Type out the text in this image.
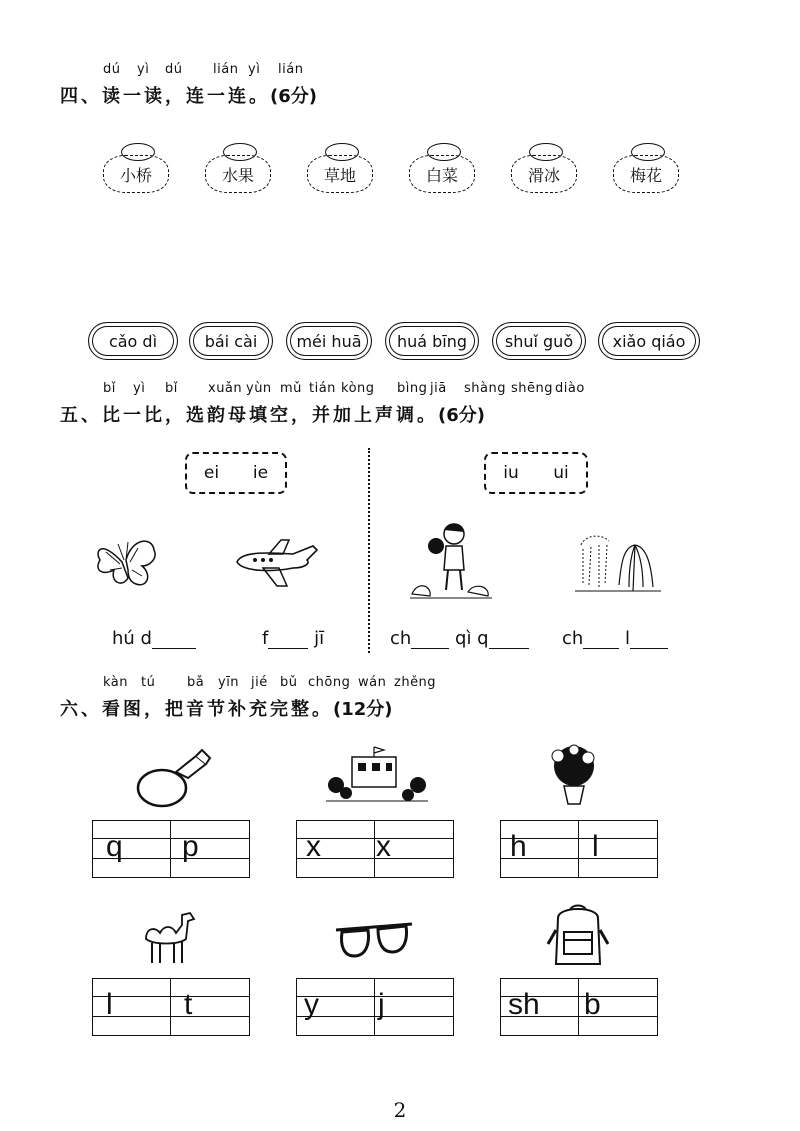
dú yì dú lián yì lián
四、读一读，连一连。(6分)
小桥	水果	草地	白菜	滑冰	梅花
cǎo dì	bái cài	méi huā	huá bīng	shuǐ guǒ	xiǎo qiáo
bǐ yì bǐ xuǎn yùn mǔ tián kòng bìng jiā shàng shēng diào
五、比一比，选韵母填空，并加上声调。(6分)
ei ie	iu ui
hú d	f jī	ch qì q	ch l
kàn tú bǎ yīn jié bǔ chōng wán zhěng
六、看图，把音节补充完整。(12分)
q p	x x	h l
l t	y j	sh b
2
